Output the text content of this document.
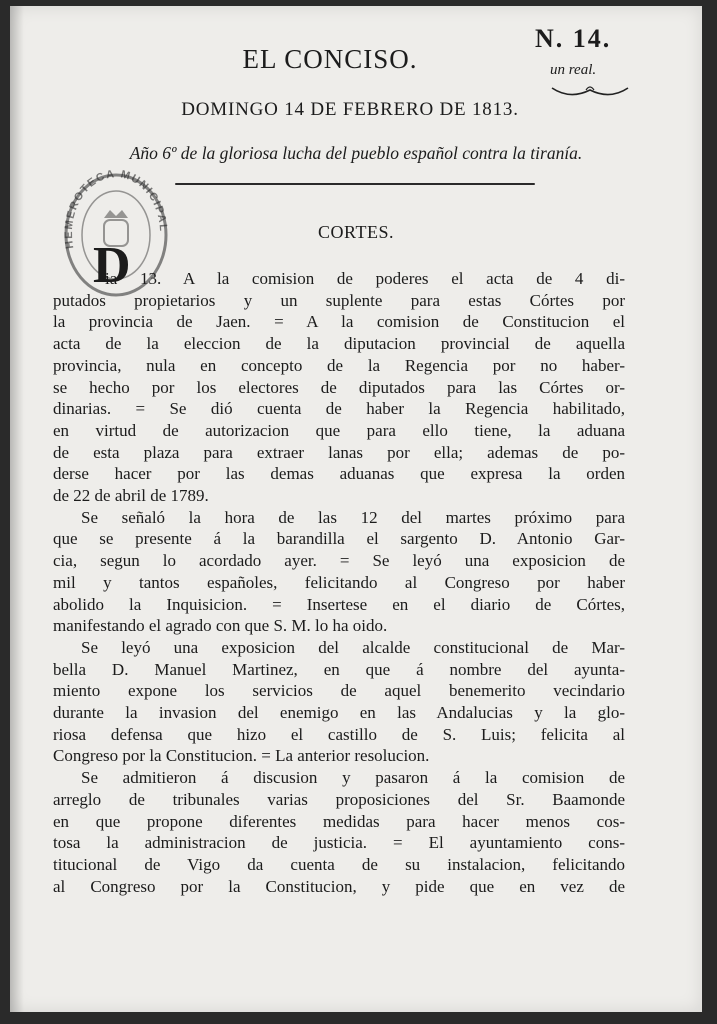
EL CONCISO.
N. 14.
un real.
DOMINGO 14 DE FEBRERO DE 1813.
Año 6º de la gloriosa lucha del pueblo español contra la tiranía.
CORTES.
HEMEROTECA MUNICIPAL
D
ia 13. A la comision de poderes el acta de 4 di-
putados propietarios y un suplente para estas Córtes por
la provincia de Jaen. = A la comision de Constitucion el
acta de la eleccion de la diputacion provincial de aquella
provincia, nula en concepto de la Regencia por no haber-
se hecho por los electores de diputados para las Córtes or-
dinarias. = Se dió cuenta de haber la Regencia habilitado,
en virtud de autorizacion que para ello tiene, la aduana
de esta plaza para extraer lanas por ella; ademas de po-
derse hacer por las demas aduanas que expresa la orden
de 22 de abril de 1789.
Se señaló la hora de las 12 del martes próximo para
que se presente á la barandilla el sargento D. Antonio Gar-
cia, segun lo acordado ayer. = Se leyó una exposicion de
mil y tantos españoles, felicitando al Congreso por haber
abolido la Inquisicion. = Insertese en el diario de Córtes,
manifestando el agrado con que S. M. lo ha oido.
Se leyó una exposicion del alcalde constitucional de Mar-
bella D. Manuel Martinez, en que á nombre del ayunta-
miento expone los servicios de aquel benemerito vecindario
durante la invasion del enemigo en las Andalucias y la glo-
riosa defensa que hizo el castillo de S. Luis; felicita al
Congreso por la Constitucion. = La anterior resolucion.
Se admitieron á discusion y pasaron á la comision de
arreglo de tribunales varias proposiciones del Sr. Baamonde
en que propone diferentes medidas para hacer menos cos-
tosa la administracion de justicia. = El ayuntamiento cons-
titucional de Vigo da cuenta de su instalacion, felicitando
al Congreso por la Constitucion, y pide que en vez de
